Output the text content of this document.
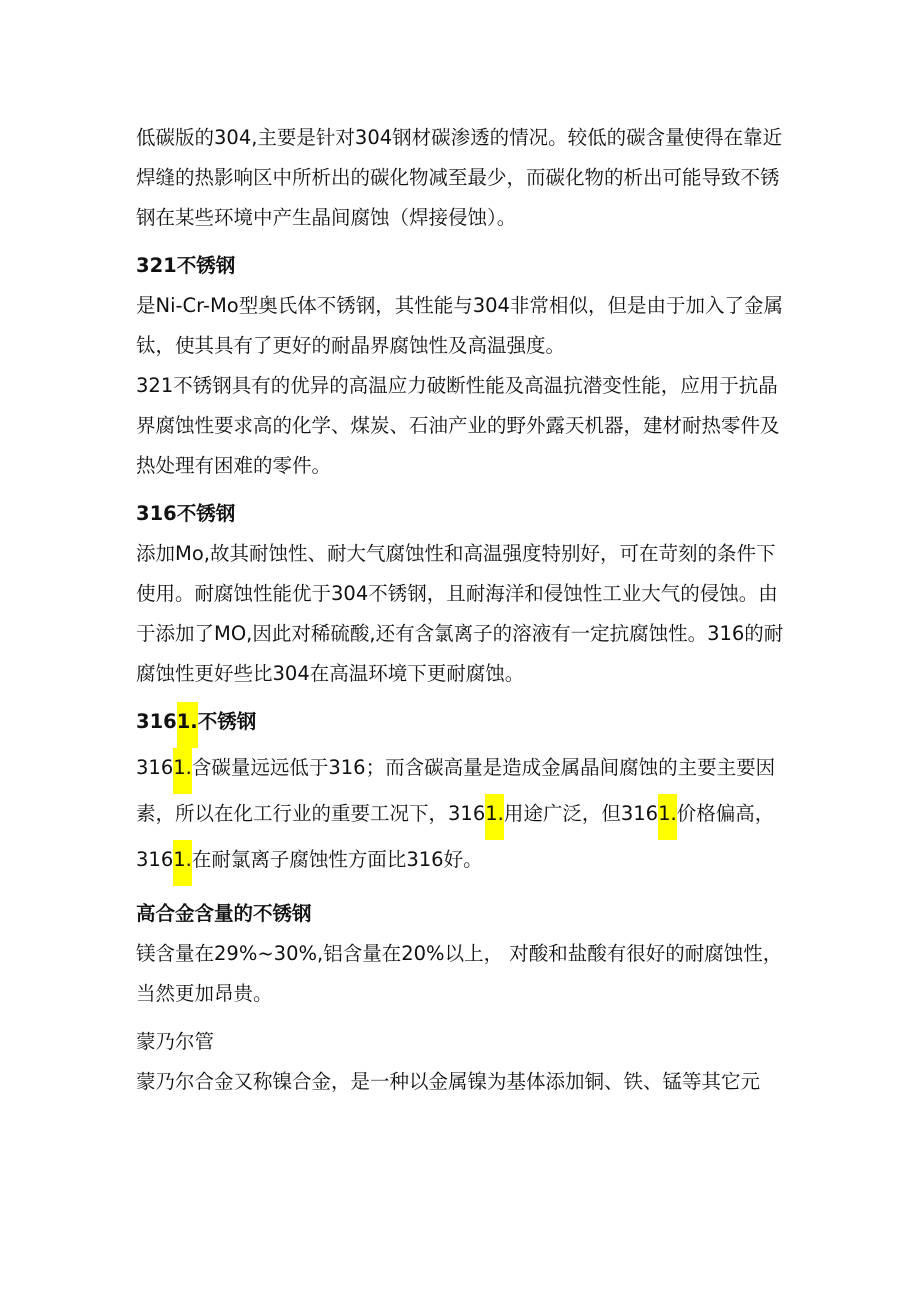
低碳版的304,主要是针对304钢材碳渗透的情况。较低的碳含量使得在靠近焊缝的热影响区中所析出的碳化物减至最少，而碳化物的析出可能导致不锈钢在某些环境中产生晶间腐蚀（焊接侵蚀）。

321不锈钢

是Ni-Cr-Mo型奥氏体不锈钢，其性能与304非常相似，但是由于加入了金属钛，使其具有了更好的耐晶界腐蚀性及高温强度。

321不锈钢具有的优异的高温应力破断性能及高温抗潜变性能，应用于抗晶界腐蚀性要求高的化学、煤炭、石油产业的野外露天机器，建材耐热零件及热处理有困难的零件。

316不锈钢

添加Mo,故其耐蚀性、耐大气腐蚀性和高温强度特别好，可在苛刻的条件下使用。耐腐蚀性能优于304不锈钢，且耐海洋和侵蚀性工业大气的侵蚀。由于添加了MO,因此对稀硫酸,还有含氯离子的溶液有一定抗腐蚀性。316的耐腐蚀性更好些比304在高温环境下更耐腐蚀。

3161.不锈钢

3161.含碳量远远低于316；而含碳高量是造成金属晶间腐蚀的主要主要因素，所以在化工行业的重要工况下，3161.用途广泛，但3161.价格偏高，3161.在耐氯离子腐蚀性方面比316好。

高合金含量的不锈钢

镁含量在29%~30%,铝含量在20%以上， 对酸和盐酸有很好的耐腐蚀性，当然更加昂贵。

蒙乃尔管

蒙乃尔合金又称镍合金，是一种以金属镍为基体添加铜、铁、锰等其它元
